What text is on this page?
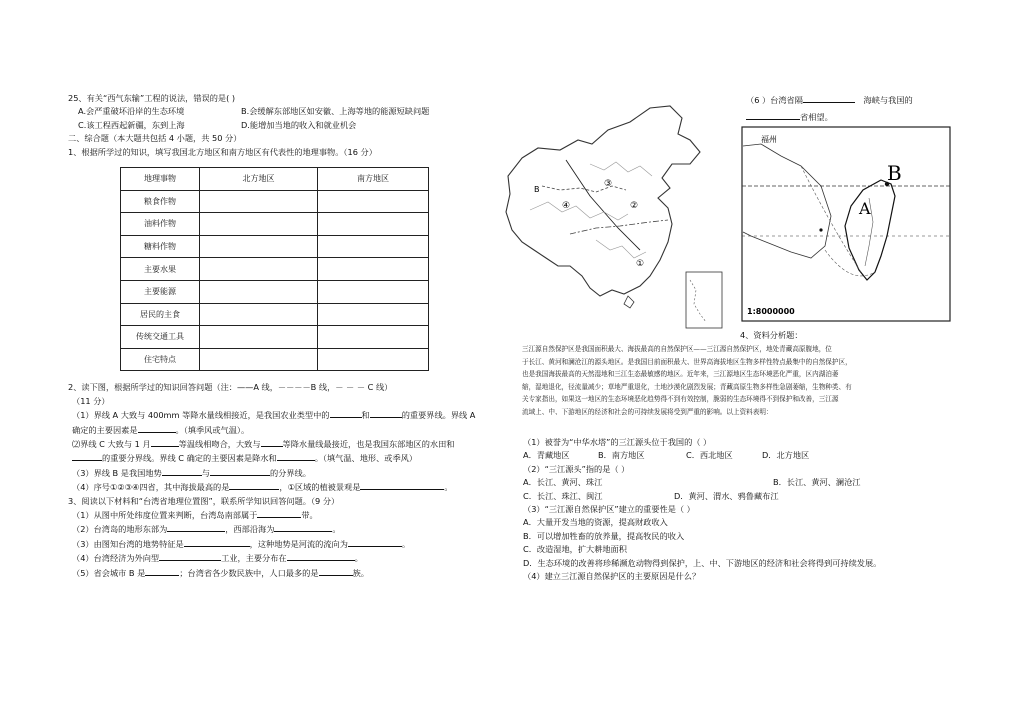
25、有关“西气东输”工程的说法，错误的是( )
A.会严重破坏沿岸的生态环境	B.会缓解东部地区如安徽、上海等地的能源短缺问题
C.该工程西起新疆，东到上海	D.能增加当地的收入和就业机会
二、综合题（本大题共包括 4 小题，共 50 分）
1、根据所学过的知识，填写我国北方地区和南方地区有代表性的地理事物。（16 分）
地理事物	北方地区	南方地区
粮食作物		
油料作物		
糖料作物		
主要水果		
主要能源		
居民的主食		
传统交通工具		
住宅特点		
2、读下图，根据所学过的知识回答问题（注：——A 线，－－－－B 线，－ － － C 线）
（11 分）
（1）界线 A 大致与 400mm 等降水量线相接近，是我国农业类型中的	和	的重要界线。界线 A
确定的主要因素是	。（填季风或气温）。
⑵界线 C 大致与 1 月	等温线相吻合，大致与	等降水量线最接近，也是我国东部地区的水田和
的重要分界线。界线 C 确定的主要因素是降水和	。（填气温、地形、或季风）
（3）界线 B 是我国地势	与	的分界线。
（4）序号①②③④四省，其中海拔最高的是	，①区域的植被景观是	。
3、阅读以下材料和“台湾省地理位置图”，联系所学知识回答问题。（9 分）
（1）从图中所处纬度位置来判断，台湾岛南部属于	带。
（2）台湾岛的地形东部为	，西部沿海为	。
（3）由图知台湾的地势特征是	，这种地势是河流的流向为	。
（4）台湾经济为外向型	工业，主要分布在	。
（5）省会城市 B 是	；台湾省各少数民族中，人口最多的是	族。
B
③
④	②
①
（6 ）台湾省隔	海峡与我国的
省相望。
B
A
福州
1:8000000
4、资料分析题：
三江源自然保护区是我国面积最大、海拔最高的自然保护区——三江源自然保护区，地处青藏高原腹地，位
于长江、黄河和澜沧江的源头地区。是我国目前面积最大、世界高海拔地区生物多样性特点最集中的自然保护区，
也是我国海拔最高的天然湿地和三江生态最敏感的地区。近年来，三江源地区生态环境恶化严重，区内湖泊萎
缩，湿地退化，径流量减少；草地严重退化，土地沙漠化剧烈发展；青藏高原生物多样性急剧萎缩，生物种类、有
关专家指出，如果这一地区的生态环境恶化趋势得不到有效控制，脆弱的生态环境得不到保护和改善，三江源
流域上、中、下游地区的经济和社会的可持续发展将受到严重的影响。以上资料表明：
（1）被誉为“中华水塔”的三江源头位于我国的（ ）
A．青藏地区	B．南方地区	C．西北地区	D．北方地区
（2）“三江源头”指的是（ ）
A．长江、黄河、珠江	B．长江、黄河、澜沧江
C．长江、珠江、闽江	D．黄河、渭水、鸦鲁藏布江
（3）“三江源自然保护区”建立的重要性是（ ）
A．大量开发当地的资源，提高财政收入
B．可以增加牲畜的放养量，提高牧民的收入
C．改造湿地，扩大耕地面积
D．生态环境的改善将珍稀濒危动物得到保护，上、中、下游地区的经济和社会将得到可持续发展。
（4）建立三江源自然保护区的主要原因是什么？
